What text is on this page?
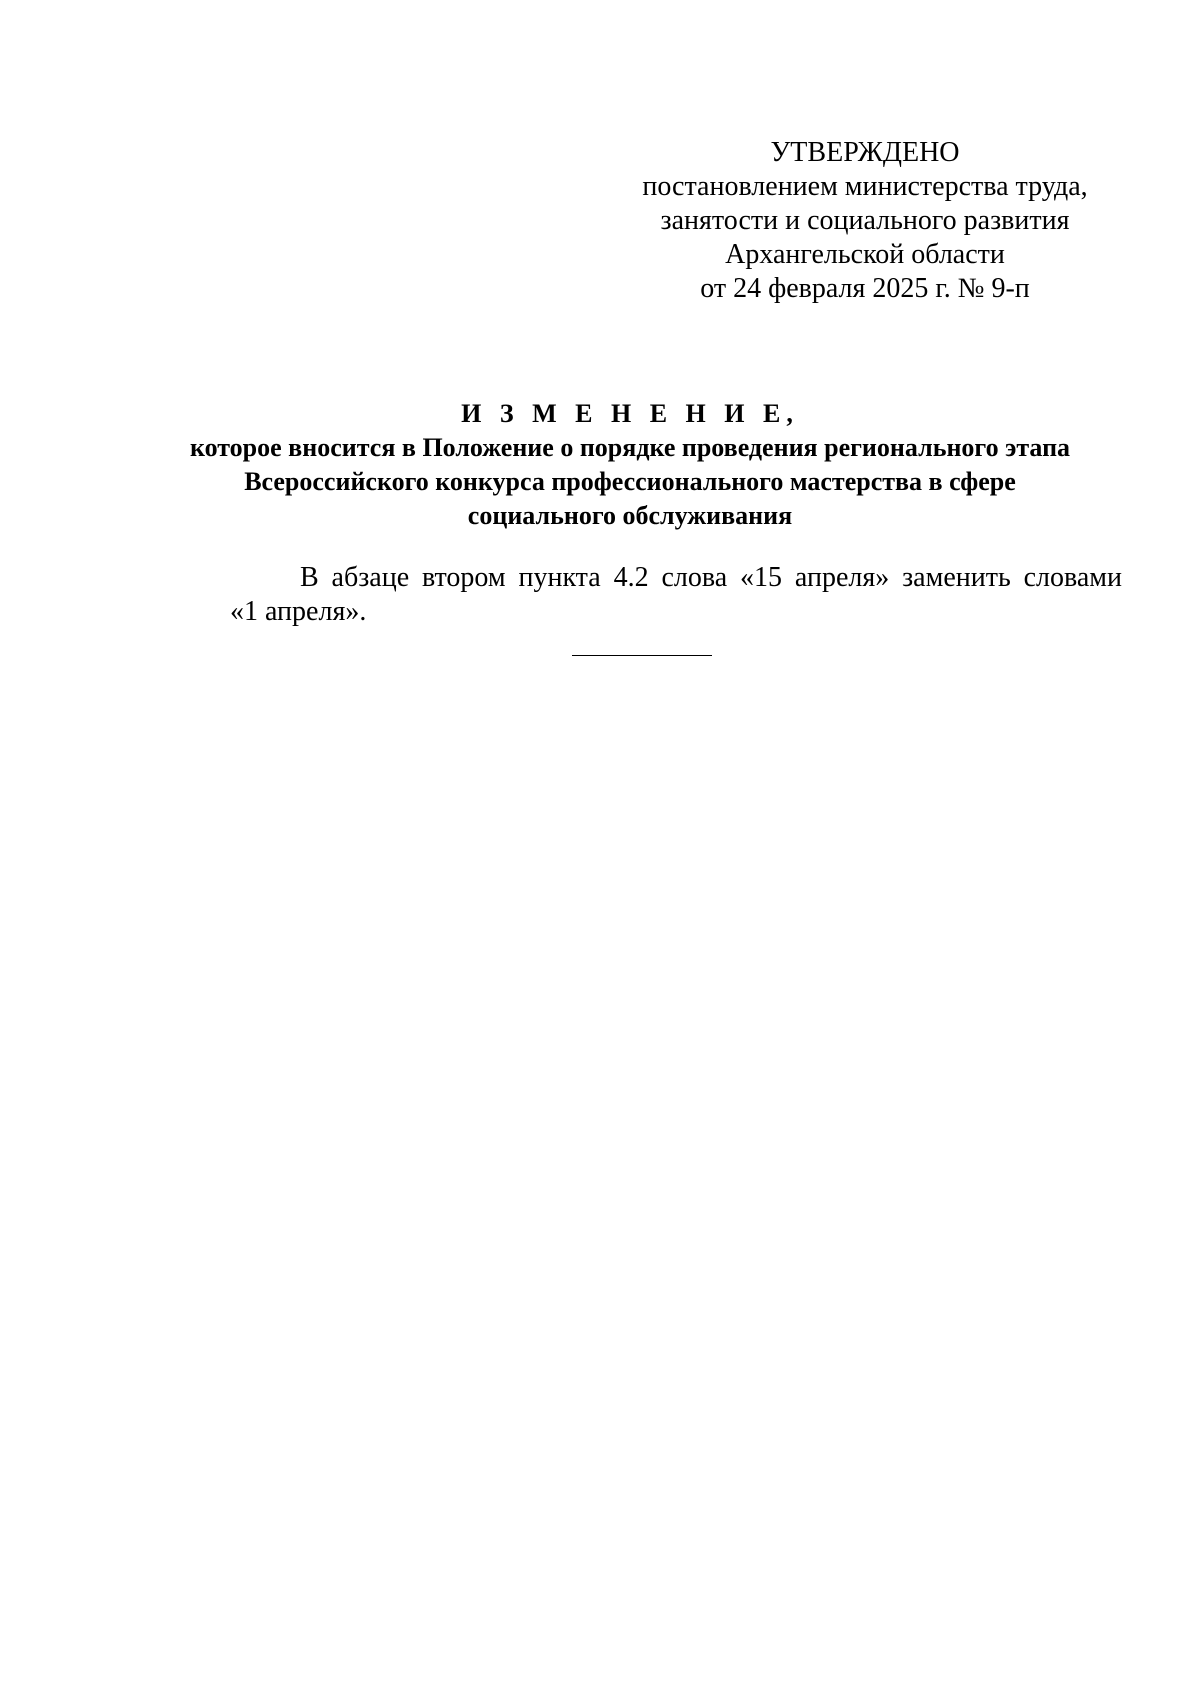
УТВЕРЖДЕНО
постановлением министерства труда,
занятости и социального развития
Архангельской области
от 24 февраля 2025 г. № 9-п
И З М Е Н Е Н И Е,
которое вносится в Положение о порядке проведения регионального этапа
Всероссийского конкурса профессионального мастерства в сфере
социального обслуживания
В абзаце втором пункта 4.2 слова «15 апреля» заменить словами
«1 апреля».
